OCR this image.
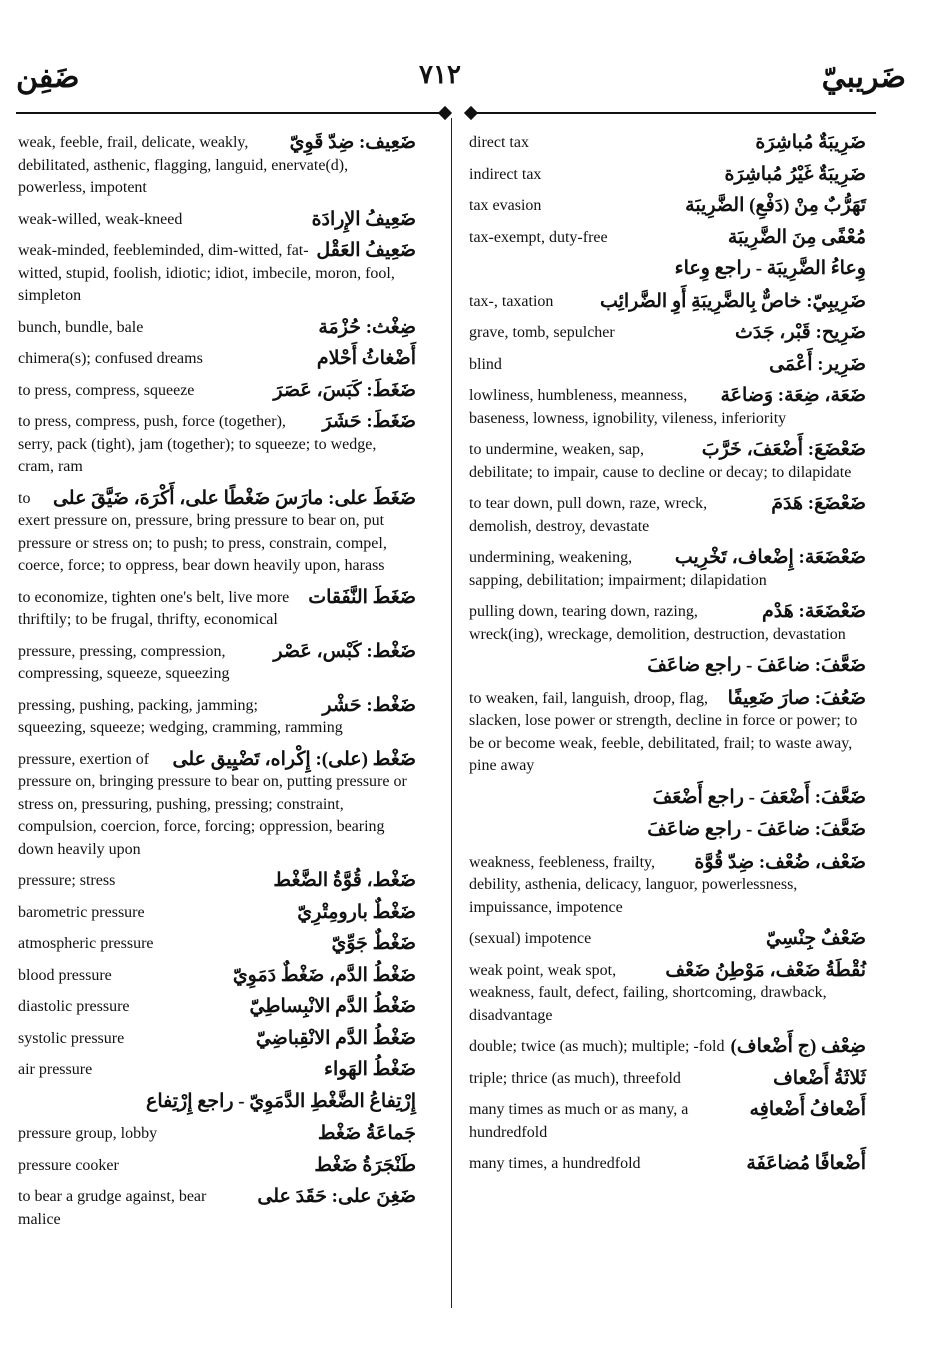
ضَفِن	٧١٢	ضَريبيّ
ضَعِيف: ضِدّ قَوِيّ
weak, feeble, frail, delicate, weakly, debilitated, asthenic, flagging, languid, enervate(d), powerless, impotent
ضَعِيفُ الإِرادَة
weak-willed, weak-kneed
ضَعِيفُ العَقْل
weak-minded, feebleminded, dim-witted, fat-witted, stupid, foolish, idiotic; idiot, imbecile, moron, fool, simpleton
ضِغْث: حُزْمَة
bunch, bundle, bale
أَضْغاثُ أَحْلام
chimera(s); confused dreams
ضَغَطَ: كَبَسَ، عَصَرَ
to press, compress, squeeze
ضَغَطَ: حَشَرَ
to press, compress, push, force (together), serry, pack (tight), jam (together); to squeeze; to wedge, cram, ram
ضَغَطَ على: مارَسَ ضَغْطًا على، أَكْرَهَ، ضَيَّقَ على
to exert pressure on, pressure, bring pressure to bear on, put pressure or stress on; to push; to press, constrain, compel, coerce, force; to oppress, bear down heavily upon, harass
ضَغَطَ النَّفَقات
to economize, tighten one's belt, live more thriftily; to be frugal, thrifty, economical
ضَغْط: كَبْس، عَصْر
pressure, pressing, compression, compressing, squeeze, squeezing
ضَغْط: حَشْر
pressing, pushing, packing, jamming; squeezing, squeeze; wedging, cramming, ramming
ضَغْط (على): إِكْراه، تَضْيِيق على
pressure, exertion of pressure on, bringing pressure to bear on, putting pressure or stress on, pressuring, pushing, pressing; constraint, compulsion, coercion, force, forcing; oppression, bearing down heavily upon
ضَغْط، قُوَّةُ الضَّغْط
pressure; stress
ضَغْطٌ بارومِتْرِيّ
barometric pressure
ضَغْطٌ جَوِّيّ
atmospheric pressure
ضَغْطُ الدَّم، ضَغْطٌ دَمَوِيّ
blood pressure
ضَغْطُ الدَّم الانْبِساطِيّ
diastolic pressure
ضَغْطُ الدَّم الانْقِباضِيّ
systolic pressure
ضَغْطُ الهَواء
air pressure
إِرْتِفاعُ الضَّغْطِ الدَّمَوِيّ - راجع إِرْتِفاع
جَماعَةُ ضَغْط
pressure group, lobby
طَنْجَرَةُ ضَغْط
pressure cooker
ضَغِنَ على: حَقَدَ على
to bear a grudge against, bear malice
ضَرِيبَةٌ مُباشِرَة
direct tax
ضَرِيبَةٌ غَيْرُ مُباشِرَة
indirect tax
تَهَرُّبٌ مِنْ (دَفْعِ) الضَّرِيبَة
tax evasion
مُعْفًى مِنَ الضَّرِيبَة
tax-exempt, duty-free
وِعاءُ الضَّرِيبَة - راجع وِعاء
ضَرِيبِيّ: خاصٌّ بِالضَّرِيبَةِ أَوِ الضَّرائِب
tax-, taxation
ضَرِيح: قَبْر، جَدَث
grave, tomb, sepulcher
ضَرِير: أَعْمَى
blind
ضَعَة، ضِعَة: وَضاعَة
lowliness, humbleness, meanness, baseness, lowness, ignobility, vileness, inferiority
ضَعْضَعَ: أَضْعَفَ، خَرَّبَ
to undermine, weaken, sap, debilitate; to impair, cause to decline or decay; to dilapidate
ضَعْضَعَ: هَدَمَ
to tear down, pull down, raze, wreck, demolish, destroy, devastate
ضَعْضَعَة: إِضْعاف، تَخْرِيب
undermining, weakening, sapping, debilitation; impairment; dilapidation
ضَعْضَعَة: هَدْم
pulling down, tearing down, razing, wreck(ing), wreckage, demolition, destruction, devastation
ضَعَّفَ: ضاعَفَ - راجع ضاعَفَ
ضَعُفَ: صارَ ضَعِيفًا
to weaken, fail, languish, droop, flag, slacken, lose power or strength, decline in force or power; to be or become weak, feeble, debilitated, frail; to waste away, pine away
ضَعَّفَ: أَضْعَفَ - راجع أَضْعَفَ
ضَعَّفَ: ضاعَفَ - راجع ضاعَفَ
ضَعْف، ضُعْف: ضِدّ قُوَّة
weakness, feebleness, frailty, debility, asthenia, delicacy, languor, powerlessness, impuissance, impotence
ضَعْفٌ جِنْسِيّ
(sexual) impotence
نُقْطَةُ ضَعْف، مَوْطِنُ ضَعْف
weak point, weak spot, weakness, fault, defect, failing, shortcoming, drawback, disadvantage
ضِعْف (ج أَضْعاف)
double; twice (as much); multiple; -fold
ثَلاثَةُ أَضْعاف
triple; thrice (as much), threefold
أَضْعافُ أَضْعافِه
many times as much or as many, a hundredfold
أَضْعافًا مُضاعَفَة
many times, a hundredfold
